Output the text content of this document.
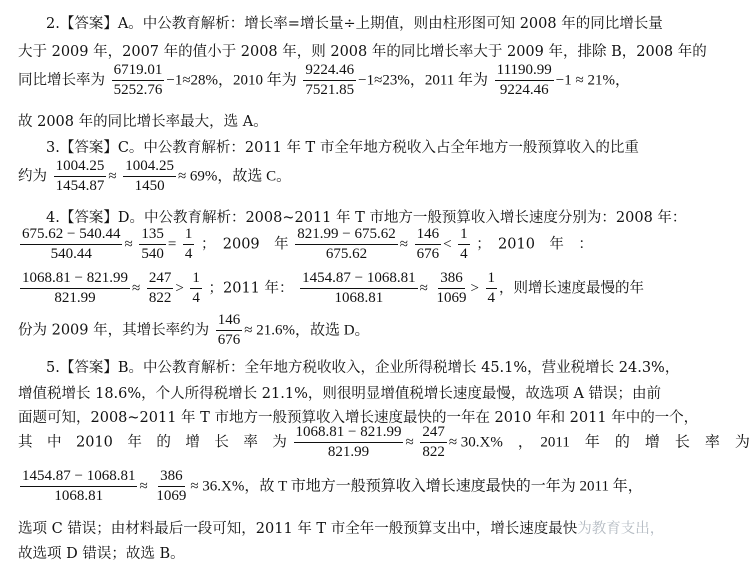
2.【答案】A。中公教育解析：增长率=增长量÷上期值，则由柱形图可知 2008 年的同比增长量
大于 2009 年，2007 年的值小于 2008 年，则 2008 年的同比增长率大于 2009 年，排除 B，2008 年的
同比增长率为 $\frac{6719.01}{5252.76} -1\approx 28\%$，2010 年为 $\frac{9224.46}{7521.85} -1\approx 23\%$，2011 年为 $\frac{11190.99}{9224.46} -1 \approx 21\%$，
故 2008 年的同比增长率最大，选 A。
3.【答案】C。中公教育解析：2011 年 T 市全年地方税收入占全年地方一般预算收入的比重
约为 $\frac{1004.25}{1454.87} \approx \frac{1004.25}{1450} \approx 69\%$，故选 C。
4.【答案】D。中公教育解析：2008~2011 年 T 市地方一般预算收入增长速度分别为：2008 年：
$\frac{675.62 - 540.44}{540.44} \approx \frac{135}{540} = \frac{1}{4}$ ；　2009　年 $\frac{821.99 - 675.62}{675.62} \approx \frac{146}{676} < \frac{1}{4}$ ；　2010　年　：
$\frac{1068.81 - 821.99}{821.99} \approx \frac{247}{822} > \frac{1}{4}$ ；2011 年： $\frac{1454.87 - 1068.81}{1068.81} \approx \frac{386}{1069} > \frac{1}{4}$ ，则增长速度最慢的年
份为 2009 年，其增长率约为 $\frac{146}{676} \approx 21.6\%$，故选 D。
5.【答案】B。中公教育解析：全年地方税收收入，企业所得税增长 45.1%，营业税增长 24.3%，
增值税增长 18.6%，个人所得税增长 21.1%，则很明显增值税增长速度最慢，故选项 A 错误；由前
面题可知，2008~2011 年 T 市地方一般预算收入增长速度最快的一年在 2010 年和 2011 年中的一个，
其　中　2010　年　的　增　长　率　为 $\frac{1068.81 - 821.99}{821.99} \approx \frac{247}{822} \approx 30.X\%$　，　2011　年　的　增　长　率　为
$\frac{1454.87 - 1068.81}{1068.81} \approx \frac{386}{1069} \approx 36.X\%$，故 T 市地方一般预算收入增长速度最快的一年为 2011 年，
选项 C 错误；由材料最后一段可知，2011 年 T 市全年一般预算支出中，增长速度最快为教育支出，
故选项 D 错误；故选 B。
